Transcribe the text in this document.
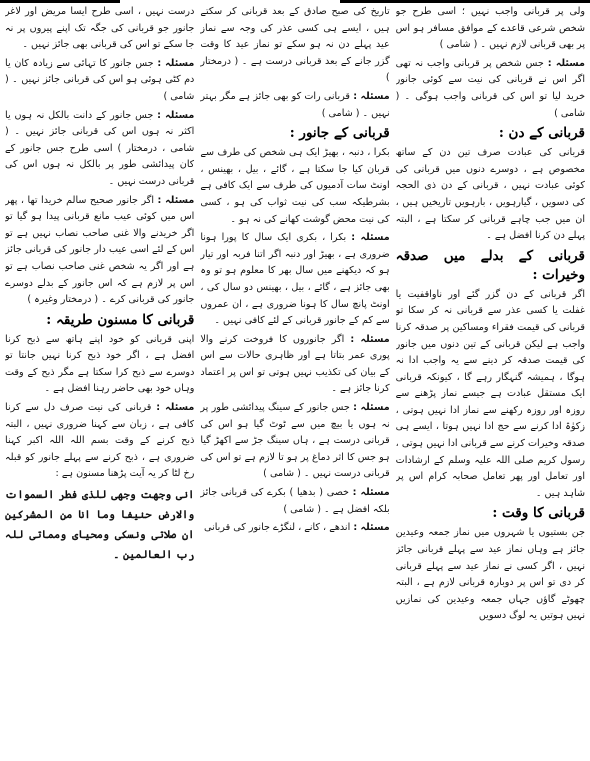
ولی پر قربانی واجب نہیں ؛ اسی طرح جو شخص شرعی قاعدے کے موافق مسافر ہو اس پر بھی قربانی لازم نہیں ۔ ( شامی )

مسئلہ : جس شخص پر قربانی واجب نہ تھی اگر اس نے قربانی کی نیت سے کوئی جانور خرید لیا تو اس کی قربانی واجب ہوگی ۔ ( شامی )

قربانی کے دن :

قربانی کی عبادت صرف تین دن کے ساتھ مخصوص ہے ، دوسرے دنوں میں قربانی کی کوئی عبادت نہیں ، قربانی کے دن ذی الحجہ کی دسویں ، گیارہویں ، بارہویں تاریخیں ہیں ، ان میں جب چاہے قربانی کر سکتا ہے ، البتہ پہلے دن کرنا افضل ہے ۔

قربانی کے بدلے میں صدقہ وخیرات :

اگر قربانی کے دن گزر گئے اور ناواقفیت یا غفلت یا کسی عذر سے قربانی نہ کر سکا تو قربانی کی قیمت فقراء ومساکین پر صدقہ کرنا واجب ہے لیکن قربانی کے تین دنوں میں جانور کی قیمت صدقہ کر دینے سے یہ واجب ادا نہ ہوگا ، ہمیشہ گنہگار رہے گا ، کیونکہ قربانی ایک مستقل عبادت ہے جیسے نماز پڑھنے سے روزہ اور روزہ رکھنے سے نماز ادا نہیں ہوتی ، زکوٰۃ ادا کرنے سے حج ادا نہیں ہوتا ، ایسے ہی صدقہ وخیرات کرنے سے قربانی ادا نہیں ہوتی ، رسول کریم صلی اللہ علیہ وسلم کے ارشادات اور تعامل اور پھر تعامل صحابہ کرام اس پر شاہد ہیں ۔

قربانی کا وقت :

جن بستیوں یا شہروں میں نماز جمعہ وعیدین جائز ہے وہاں نماز عید سے پہلے قربانی جائز نہیں ، اگر کسی نے نماز عید سے پہلے قربانی کر دی تو اس پر دوبارہ قربانی لازم ہے ، البتہ چھوٹے گاؤں جہاں جمعہ وعیدین کی نمازیں نہیں ہوتیں یہ لوگ دسویں

تاریخ کی صبح صادق کے بعد قربانی کر سکتے ہیں ، ایسے ہی کسی عذر کی وجہ سے نماز عید پہلے دن نہ ہو سکے تو نماز عید کا وقت گزر جانے کے بعد قربانی درست ہے ۔ ( درمختار )

مسئلہ : قربانی رات کو بھی جائز ہے مگر بہتر نہیں ۔ ( شامی )

قربانی کے جانور :

بکرا ، دنبہ ، بھیڑ ایک ہی شخص کی طرف سے قربان کیا جا سکتا ہے ، گائے ، بیل ، بھینس ، اونٹ سات آدمیوں کی طرف سے ایک کافی ہے بشرطیکہ سب کی نیت ثواب کی ہو ، کسی کی نیت محض گوشت کھانے کی نہ ہو ۔

مسئلہ : بکرا ، بکری ایک سال کا پورا ہونا ضروری ہے ، بھیڑ اور دنبہ اگر اتنا فربہ اور تیار ہو کہ دیکھنے میں سال بھر کا معلوم ہو تو وہ بھی جائز ہے ، گائے ، بیل ، بھینس دو سال کی ، اونٹ پانچ سال کا ہونا ضروری ہے ، ان عمروں سے کم کے جانور قربانی کے لئے کافی نہیں ۔

مسئلہ : اگر جانوروں کا فروخت کرنے والا پوری عمر بتاتا ہے اور ظاہری حالات سے اس کے بیان کی تکذیب نہیں ہوتی تو اس پر اعتماد کرنا جائز ہے ۔

مسئلہ : جس جانور کے سینگ پیدائشی طور پر نہ ہوں یا بیچ میں سے ٹوٹ گیا ہو اس کی قربانی درست ہے ، ہاں سینگ جڑ سے اکھڑ گیا ہو جس کا اثر دماغ پر ہو تا لازم ہے تو اس کی قربانی درست نہیں ۔ ( شامی )

مسئلہ : خصی ( بدھیا ) بکرے کی قربانی جائز بلکہ افضل ہے ۔ ( شامی )

مسئلہ : اندھے ، کانے ، لنگڑے جانور کی قربانی

درست نہیں ، اسی طرح ایسا مریض اور لاغر جانور جو قربانی کی جگہ تک اپنے پیروں پر نہ جا سکے تو اس کی قربانی بھی جائز نہیں ۔

مسئلہ : جس جانور کا تہائی سے زیادہ کان یا دم کٹی ہوئی ہو اس کی قربانی جائز نہیں ۔ ( شامی )

مسئلہ : جس جانور کے دانت بالکل نہ ہوں یا اکثر نہ ہوں اس کی قربانی جائز نہیں ۔ ( شامی ، درمختار ) اسی طرح جس جانور کے کان پیدائشی طور پر بالکل نہ ہوں اس کی قربانی درست نہیں ۔

مسئلہ : اگر جانور صحیح سالم خریدا تھا ، پھر اس میں کوئی عیب مانع قربانی پیدا ہو گیا تو اگر خریدنے والا غنی صاحب نصاب نہیں ہے تو اس کے لئے اسی عیب دار جانور کی قربانی جائز ہے اور اگر یہ شخص غنی صاحب نصاب ہے تو اس پر لازم ہے کہ اس جانور کے بدلے دوسرے جانور کی قربانی کرے ۔ ( درمختار وغیرہ )

قربانی کا مسنون طریقہ :

اپنی قربانی کو خود اپنے ہاتھ سے ذبح کرنا افضل ہے ، اگر خود ذبح کرنا نہیں جانتا تو دوسرے سے ذبح کرا سکتا ہے مگر ذبح کے وقت وہاں خود بھی حاضر رہنا افضل ہے ۔

مسئلہ : قربانی کی نیت صرف دل سے کرنا کافی ہے ، زبان سے کہنا ضروری نہیں ، البتہ ذبح کرنے کے وقت بسم اللہ اللہ اکبر کہنا ضروری ہے ، ذبح کرنے سے پہلے جانور کو قبلہ رخ لٹا کر یہ آیت پڑھنا مسنون ہے :

انی وجھت وجھی للذی فطر السموات والارض حنیفا وما انا من المشرکین ان صلاتی ونسکی ومحیای ومماتی للہ رب العالمین ۔
